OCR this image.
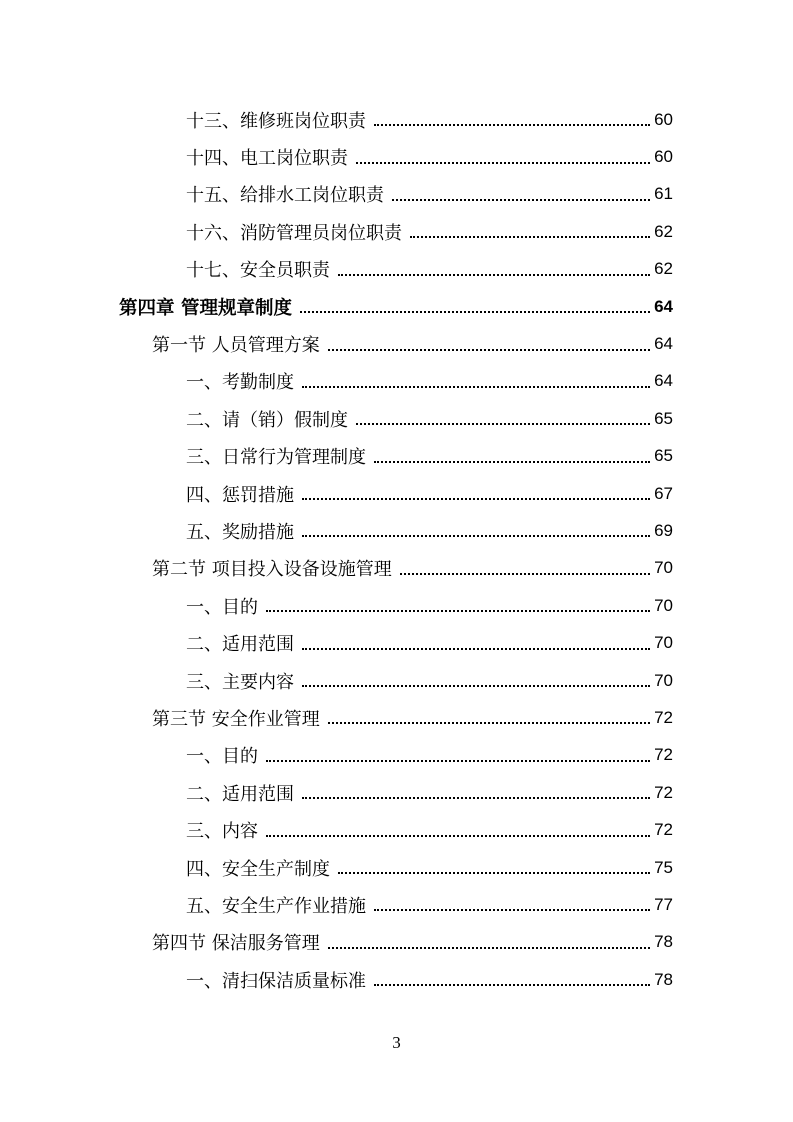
十三、维修班岗位职责	60
十四、电工岗位职责	60
十五、给排水工岗位职责	61
十六、消防管理员岗位职责	62
十七、安全员职责	62
第四章 管理规章制度	64
第一节 人员管理方案	64
一、考勤制度	64
二、请（销）假制度	65
三、日常行为管理制度	65
四、惩罚措施	67
五、奖励措施	69
第二节 项目投入设备设施管理	70
一、目的	70
二、适用范围	70
三、主要内容	70
第三节 安全作业管理	72
一、目的	72
二、适用范围	72
三、内容	72
四、安全生产制度	75
五、安全生产作业措施	77
第四节 保洁服务管理	78
一、清扫保洁质量标准	78
3
